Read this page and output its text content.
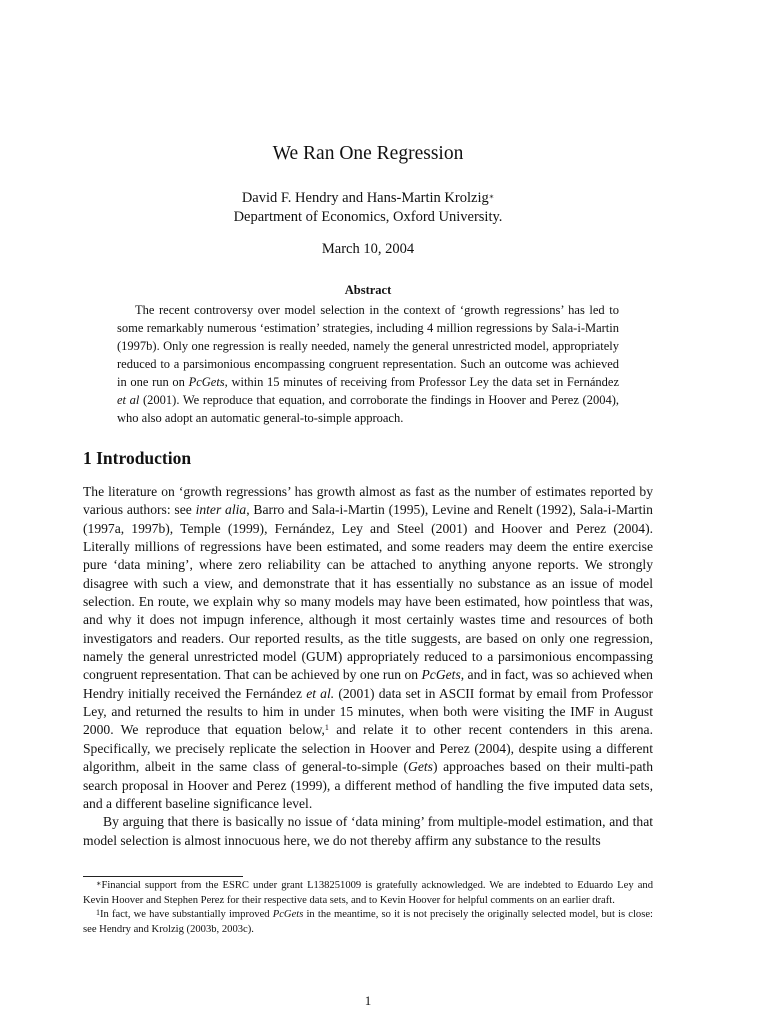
We Ran One Regression
David F. Hendry and Hans-Martin Krolzig∗
Department of Economics, Oxford University.
March 10, 2004
Abstract

The recent controversy over model selection in the context of ‘growth regressions’ has led to some remarkably numerous ‘estimation’ strategies, including 4 million regressions by Sala-i-Martin (1997b). Only one regression is really needed, namely the general unrestricted model, appropriately reduced to a parsimonious encompassing congruent representation. Such an outcome was achieved in one run on PcGets, within 15 minutes of receiving from Professor Ley the data set in Fernández et al (2001). We reproduce that equation, and corroborate the findings in Hoover and Perez (2004), who also adopt an automatic general-to-simple approach.

1 Introduction

The literature on ‘growth regressions’ has growth almost as fast as the number of estimates reported by various authors: see inter alia, Barro and Sala-i-Martin (1995), Levine and Renelt (1992), Sala-i-Martin (1997a, 1997b), Temple (1999), Fernández, Ley and Steel (2001) and Hoover and Perez (2004). Literally millions of regressions have been estimated, and some readers may deem the entire exercise pure ‘data mining’, where zero reliability can be attached to anything anyone reports. We strongly disagree with such a view, and demonstrate that it has essentially no substance as an issue of model selection. En route, we explain why so many models may have been estimated, how pointless that was, and why it does not impugn inference, although it most certainly wastes time and resources of both investigators and readers. Our reported results, as the title suggests, are based on only one regression, namely the general unrestricted model (GUM) appropriately reduced to a parsimonious encompassing congruent representation. That can be achieved by one run on PcGets, and in fact, was so achieved when Hendry initially received the Fernández et al. (2001) data set in ASCII format by email from Professor Ley, and returned the results to him in under 15 minutes, when both were visiting the IMF in August 2000. We reproduce that equation below,$^1$ and relate it to other recent contenders in this arena. Specifically, we precisely replicate the selection in Hoover and Perez (2004), despite using a different algorithm, albeit in the same class of general-to-simple (Gets) approaches based on their multi-path search proposal in Hoover and Perez (1999), a different method of handling the five imputed data sets, and a different baseline significance level.

By arguing that there is basically no issue of ‘data mining’ from multiple-model estimation, and that model selection is almost innocuous here, we do not thereby affirm any substance to the results

∗Financial support from the ESRC under grant L138251009 is gratefully acknowledged. We are indebted to Eduardo Ley and Kevin Hoover and Stephen Perez for their respective data sets, and to Kevin Hoover for helpful comments on an earlier draft.

$^1$In fact, we have substantially improved PcGets in the meantime, so it is not precisely the originally selected model, but is close: see Hendry and Krolzig (2003b, 2003c).

1
